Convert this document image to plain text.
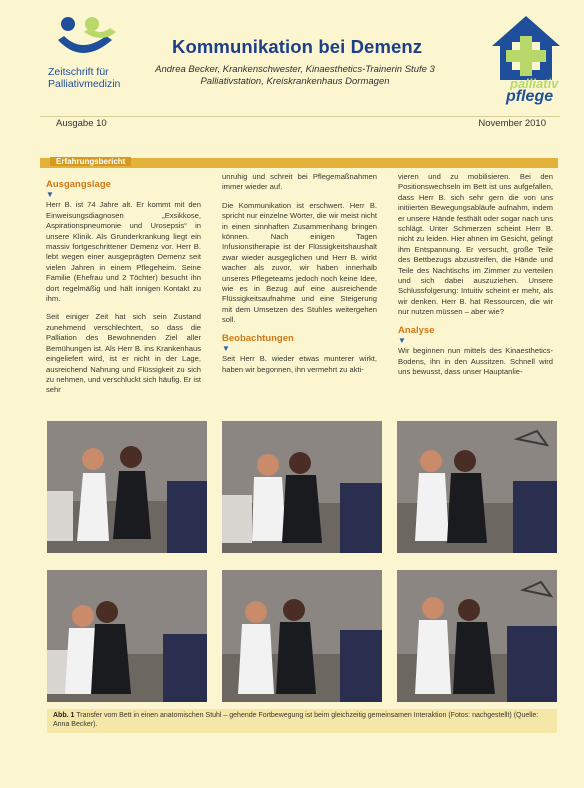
Zeitschrift für Palliativmedizin
Kommunikation bei Demenz
Andrea Becker, Krankenschwester, Kinaesthetics-Trainerin Stufe 3
Palliativstation, Kreiskrankenhaus Dormagen	palliativ
pflege
Ausgabe 10	November 2010
Erfahrungsbericht
Ausgangslage
▼

Herr B. ist 74 Jahre alt. Er kommt mit den Einweisungsdiagnosen „Exsikkose, Aspirationspneumonie und Urosepsis“ in unsere Klinik. Als Grunderkrankung liegt ein massiv fortgeschrittener Demenz vor. Herr B. lebt wegen einer ausgeprägten Demenz seit vielen Jahren in einem Pflegeheim. Seine Familie (Ehefrau und 2 Töchter) besucht ihn dort regelmäßig und hält innigen Kontakt zu ihm.

Seit einiger Zeit hat sich sein Zustand zunehmend verschlechtert, so dass die Palliation des Bewohnenden Ziel aller Bemühungen ist. Als Herr B. ins Krankenhaus eingeliefert wird, ist er nicht in der Lage, ausreichend Nahrung und Flüssigkeit zu sich zu nehmen, und verschluckt sich häufig. Er ist sehr

unruhig und schreit bei Pflegemaßnahmen immer wieder auf.

Die Kommunikation ist erschwert. Herr B. spricht nur einzelne Wörter, die wir meist nicht in einen sinnhaften Zusammenhang bringen können. Nach einigen Tagen Infusionstherapie ist der Flüssigkeitshaushalt zwar wieder ausgeglichen und Herr B. wirkt wacher als zuvor, wir haben innerhalb unseres Pflegeteams jedoch noch keine Idee, wie es in Bezug auf eine ausreichende Flüssigkeitsaufnahme und eine Steigerung mit dem Umsetzen des Stuhles weitergehen soll.

Beobachtungen
▼

Seit Herr B. wieder etwas munterer wirkt, haben wir begonnen, ihn vermehrt zu akti-

vieren und zu mobilisieren. Bei den Positionswechseln im Bett ist uns aufgefallen, dass Herr B. sich sehr gern die von uns initiierten Bewegungsabläufe aufnahm, indem er unsere Hände festhält oder sogar nach uns schlägt. Unter Schmerzen scheint Herr B. nicht zu leiden. Hier ahnen im Gesicht, gelingt ihm Entspannung. Er versucht, große Teile des Bettbezugs abzustreifen, die Hände und Teile des Nachtischs im Zimmer zu verteilen und sich dabei auszuziehen. Unsere Schlussfolgerung: Intuitiv scheint er mehr, als wir denken. Herr B. hat Ressourcen, die wir nur nutzen müssen – aber wie?

Analyse
▼

Wir beginnen nun mittels des Kinaesthetics-Bodens, ihn in den Aussitzen. Schnell wird uns bewusst, dass unser Hauptanlie-

Abb. 1 Transfer vom Bett in einen anatomischen Stuhl – gehende Fortbewegung ist beim gleichzeitig gemeinsamen Interaktion (Fotos: nachgestellt) (Quelle: Anna Becker).
